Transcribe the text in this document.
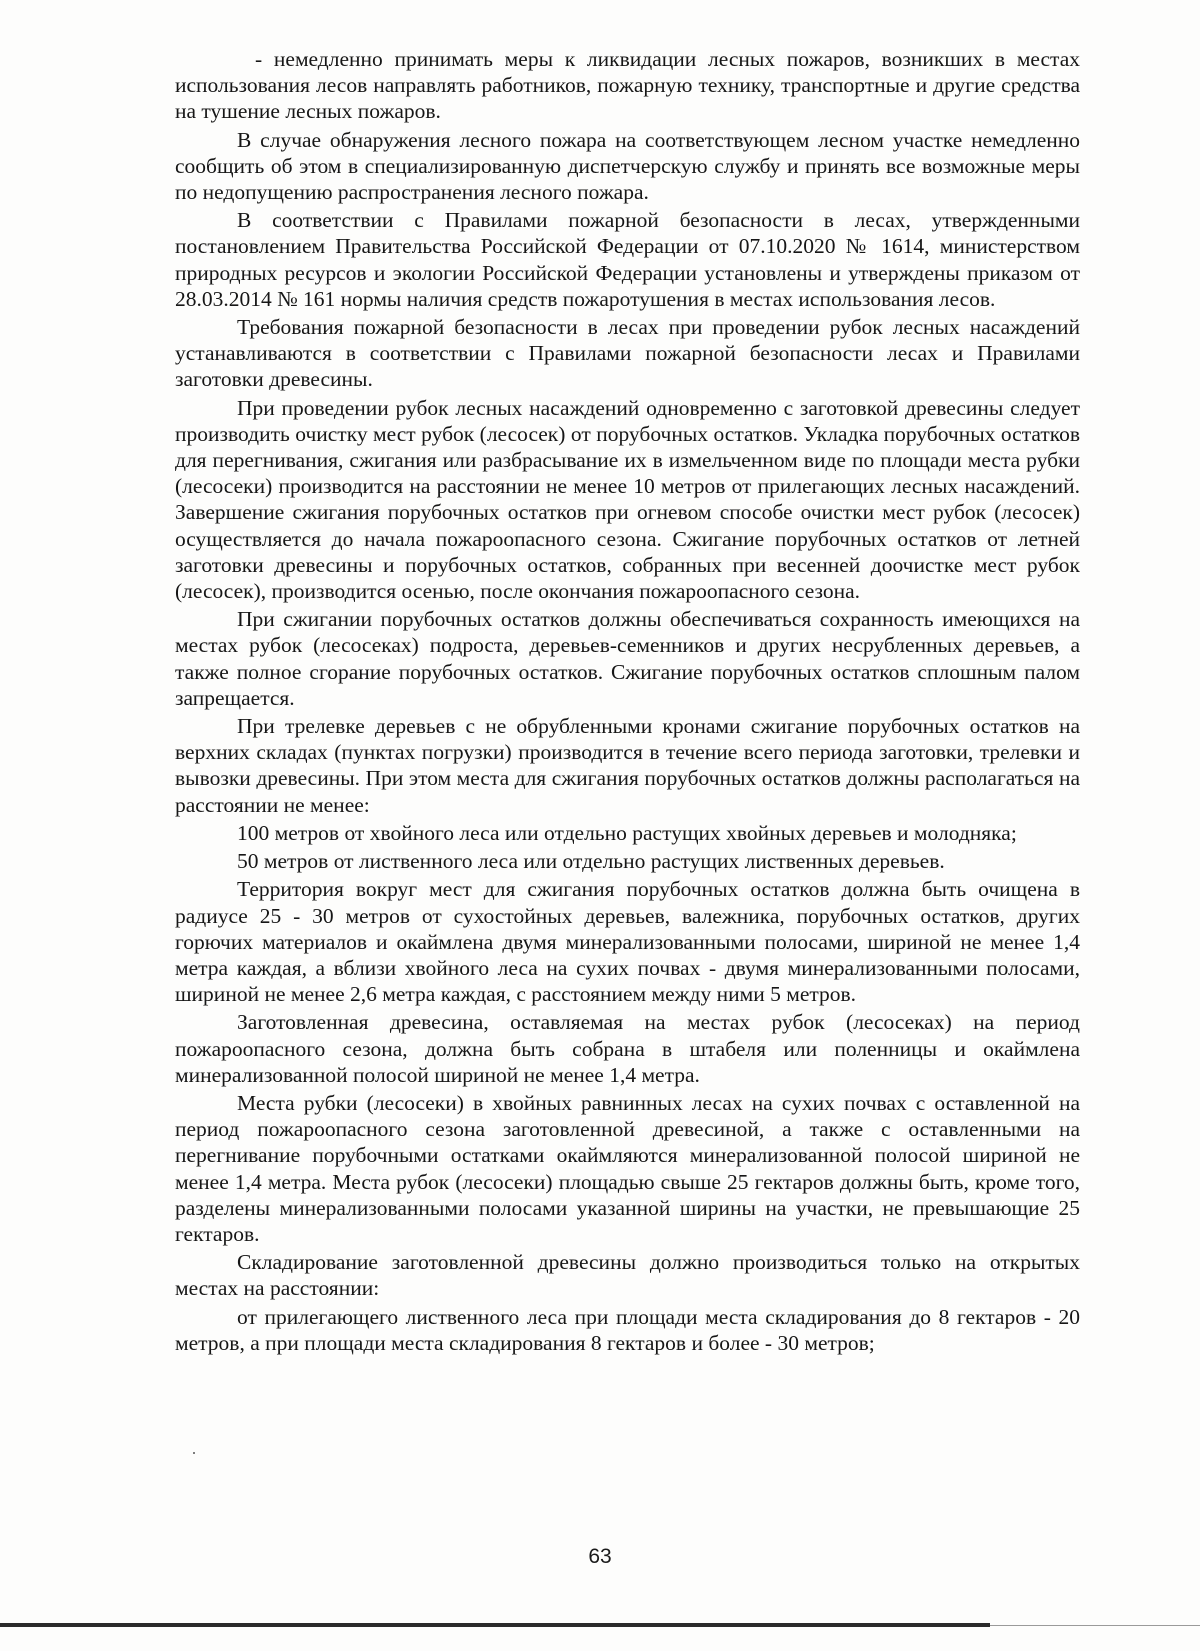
- немедленно принимать меры к ликвидации лесных пожаров, возникших в местах использования лесов направлять работников, пожарную технику, транспортные и другие средства на тушение лесных пожаров.

В случае обнаружения лесного пожара на соответствующем лесном участке немедленно сообщить об этом в специализированную диспетчерскую службу и принять все возможные меры по недопущению распространения лесного пожара.

В соответствии с Правилами пожарной безопасности в лесах, утвержденными постановлением Правительства Российской Федерации от 07.10.2020 № 1614, министерством природных ресурсов и экологии Российской Федерации установлены и утверждены приказом от 28.03.2014 № 161 нормы наличия средств пожаротушения в местах использования лесов.

Требования пожарной безопасности в лесах при проведении рубок лесных насаждений устанавливаются в соответствии с Правилами пожарной безопасности лесах и Правилами заготовки древесины.

При проведении рубок лесных насаждений одновременно с заготовкой древесины следует производить очистку мест рубок (лесосек) от порубочных остатков. Укладка порубочных остатков для перегнивания, сжигания или разбрасывание их в измельченном виде по площади места рубки (лесосеки) производится на расстоянии не менее 10 метров от прилегающих лесных насаждений. Завершение сжигания порубочных остатков при огневом способе очистки мест рубок (лесосек) осуществляется до начала пожароопасного сезона. Сжигание порубочных остатков от летней заготовки древесины и порубочных остатков, собранных при весенней доочистке мест рубок (лесосек), производится осенью, после окончания пожароопасного сезона.

При сжигании порубочных остатков должны обеспечиваться сохранность имеющихся на местах рубок (лесосеках) подроста, деревьев-семенников и других несрубленных деревьев, а также полное сгорание порубочных остатков. Сжигание порубочных остатков сплошным палом запрещается.

При трелевке деревьев с не обрубленными кронами сжигание порубочных остатков на верхних складах (пунктах погрузки) производится в течение всего периода заготовки, трелевки и вывозки древесины. При этом места для сжигания порубочных остатков должны располагаться на расстоянии не менее:

100 метров от хвойного леса или отдельно растущих хвойных деревьев и молодняка;

50 метров от лиственного леса или отдельно растущих лиственных деревьев.

Территория вокруг мест для сжигания порубочных остатков должна быть очищена в радиусе 25 - 30 метров от сухостойных деревьев, валежника, порубочных остатков, других горючих материалов и окаймлена двумя минерализованными полосами, шириной не менее 1,4 метра каждая, а вблизи хвойного леса на сухих почвах - двумя минерализованными полосами, шириной не менее 2,6 метра каждая, с расстоянием между ними 5 метров.

Заготовленная древесина, оставляемая на местах рубок (лесосеках) на период пожароопасного сезона, должна быть собрана в штабеля или поленницы и окаймлена минерализованной полосой шириной не менее 1,4 метра.

Места рубки (лесосеки) в хвойных равнинных лесах на сухих почвах с оставленной на период пожароопасного сезона заготовленной древесиной, а также с оставленными на перегнивание порубочными остатками окаймляются минерализованной полосой шириной не менее 1,4 метра. Места рубок (лесосеки) площадью свыше 25 гектаров должны быть, кроме того, разделены минерализованными полосами указанной ширины на участки, не превышающие 25 гектаров.

Складирование заготовленной древесины должно производиться только на открытых местах на расстоянии:

от прилегающего лиственного леса при площади места складирования до 8 гектаров - 20 метров, а при площади места складирования 8 гектаров и более - 30 метров;

63
